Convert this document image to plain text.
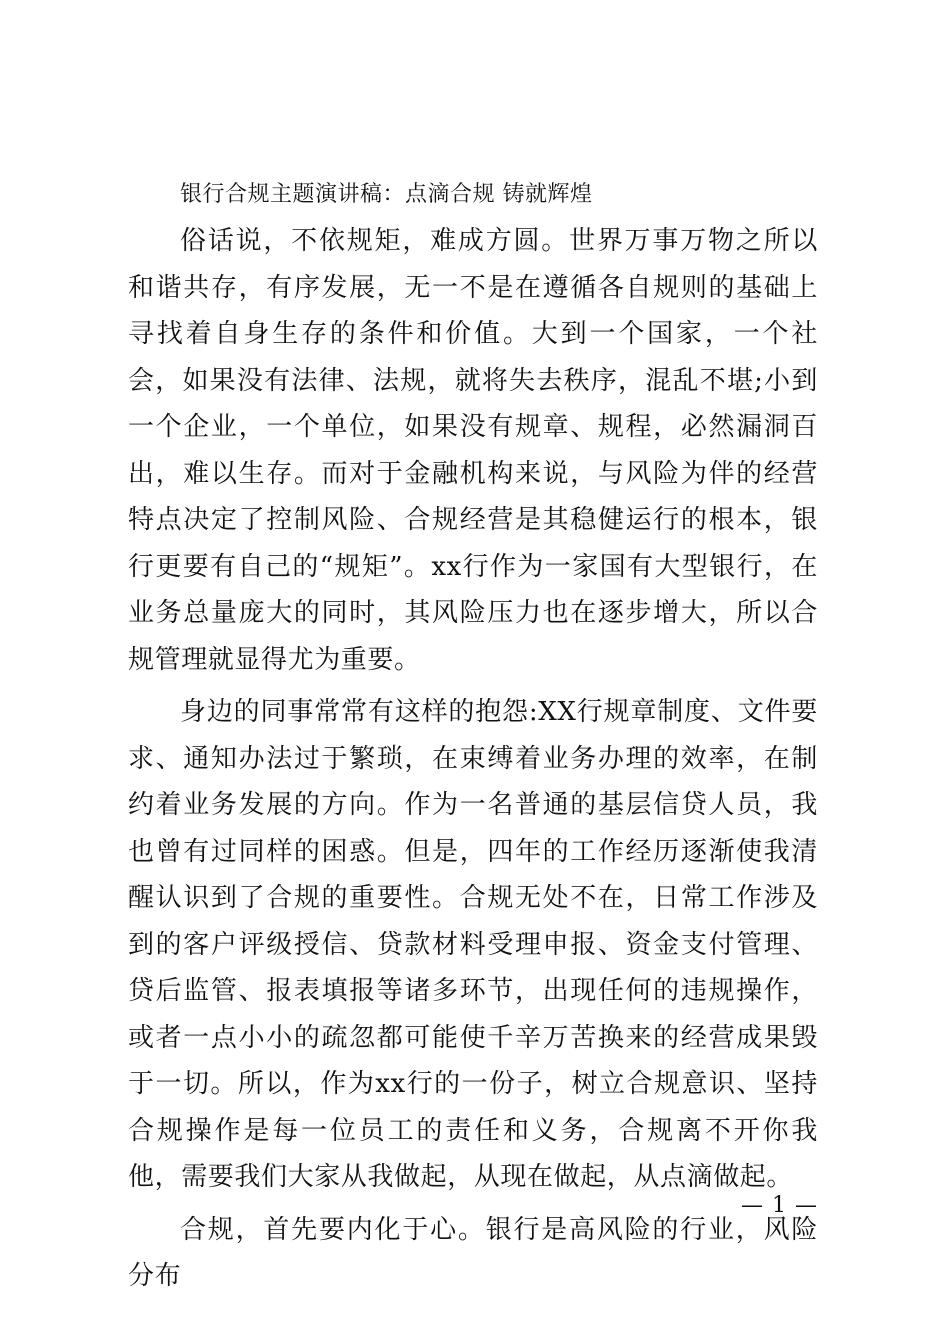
银行合规主题演讲稿：点滴合规 铸就辉煌

俗话说，不依规矩，难成方圆。世界万事万物之所以和谐共存，有序发展，无一不是在遵循各自规则的基础上寻找着自身生存的条件和价值。大到一个国家，一个社会，如果没有法律、法规，就将失去秩序，混乱不堪;小到一个企业，一个单位，如果没有规章、规程，必然漏洞百出，难以生存。而对于金融机构来说，与风险为伴的经营特点决定了控制风险、合规经营是其稳健运行的根本，银行更要有自己的“规矩”。xx行作为一家国有大型银行，在业务总量庞大的同时，其风险压力也在逐步增大，所以合规管理就显得尤为重要。

身边的同事常常有这样的抱怨:XX行规章制度、文件要求、通知办法过于繁琐，在束缚着业务办理的效率，在制约着业务发展的方向。作为一名普通的基层信贷人员，我也曾有过同样的困惑。但是，四年的工作经历逐渐使我清醒认识到了合规的重要性。合规无处不在，日常工作涉及到的客户评级授信、贷款材料受理申报、资金支付管理、贷后监管、报表填报等诸多环节，出现任何的违规操作，或者一点小小的疏忽都可能使千辛万苦换来的经营成果毁于一切。所以，作为xx行的一份子，树立合规意识、坚持合规操作是每一位员工的责任和义务，合规离不开你我他，需要我们大家从我做起，从现在做起，从点滴做起。

合规，首先要内化于心。银行是高风险的行业，风险分布

— 1 —
